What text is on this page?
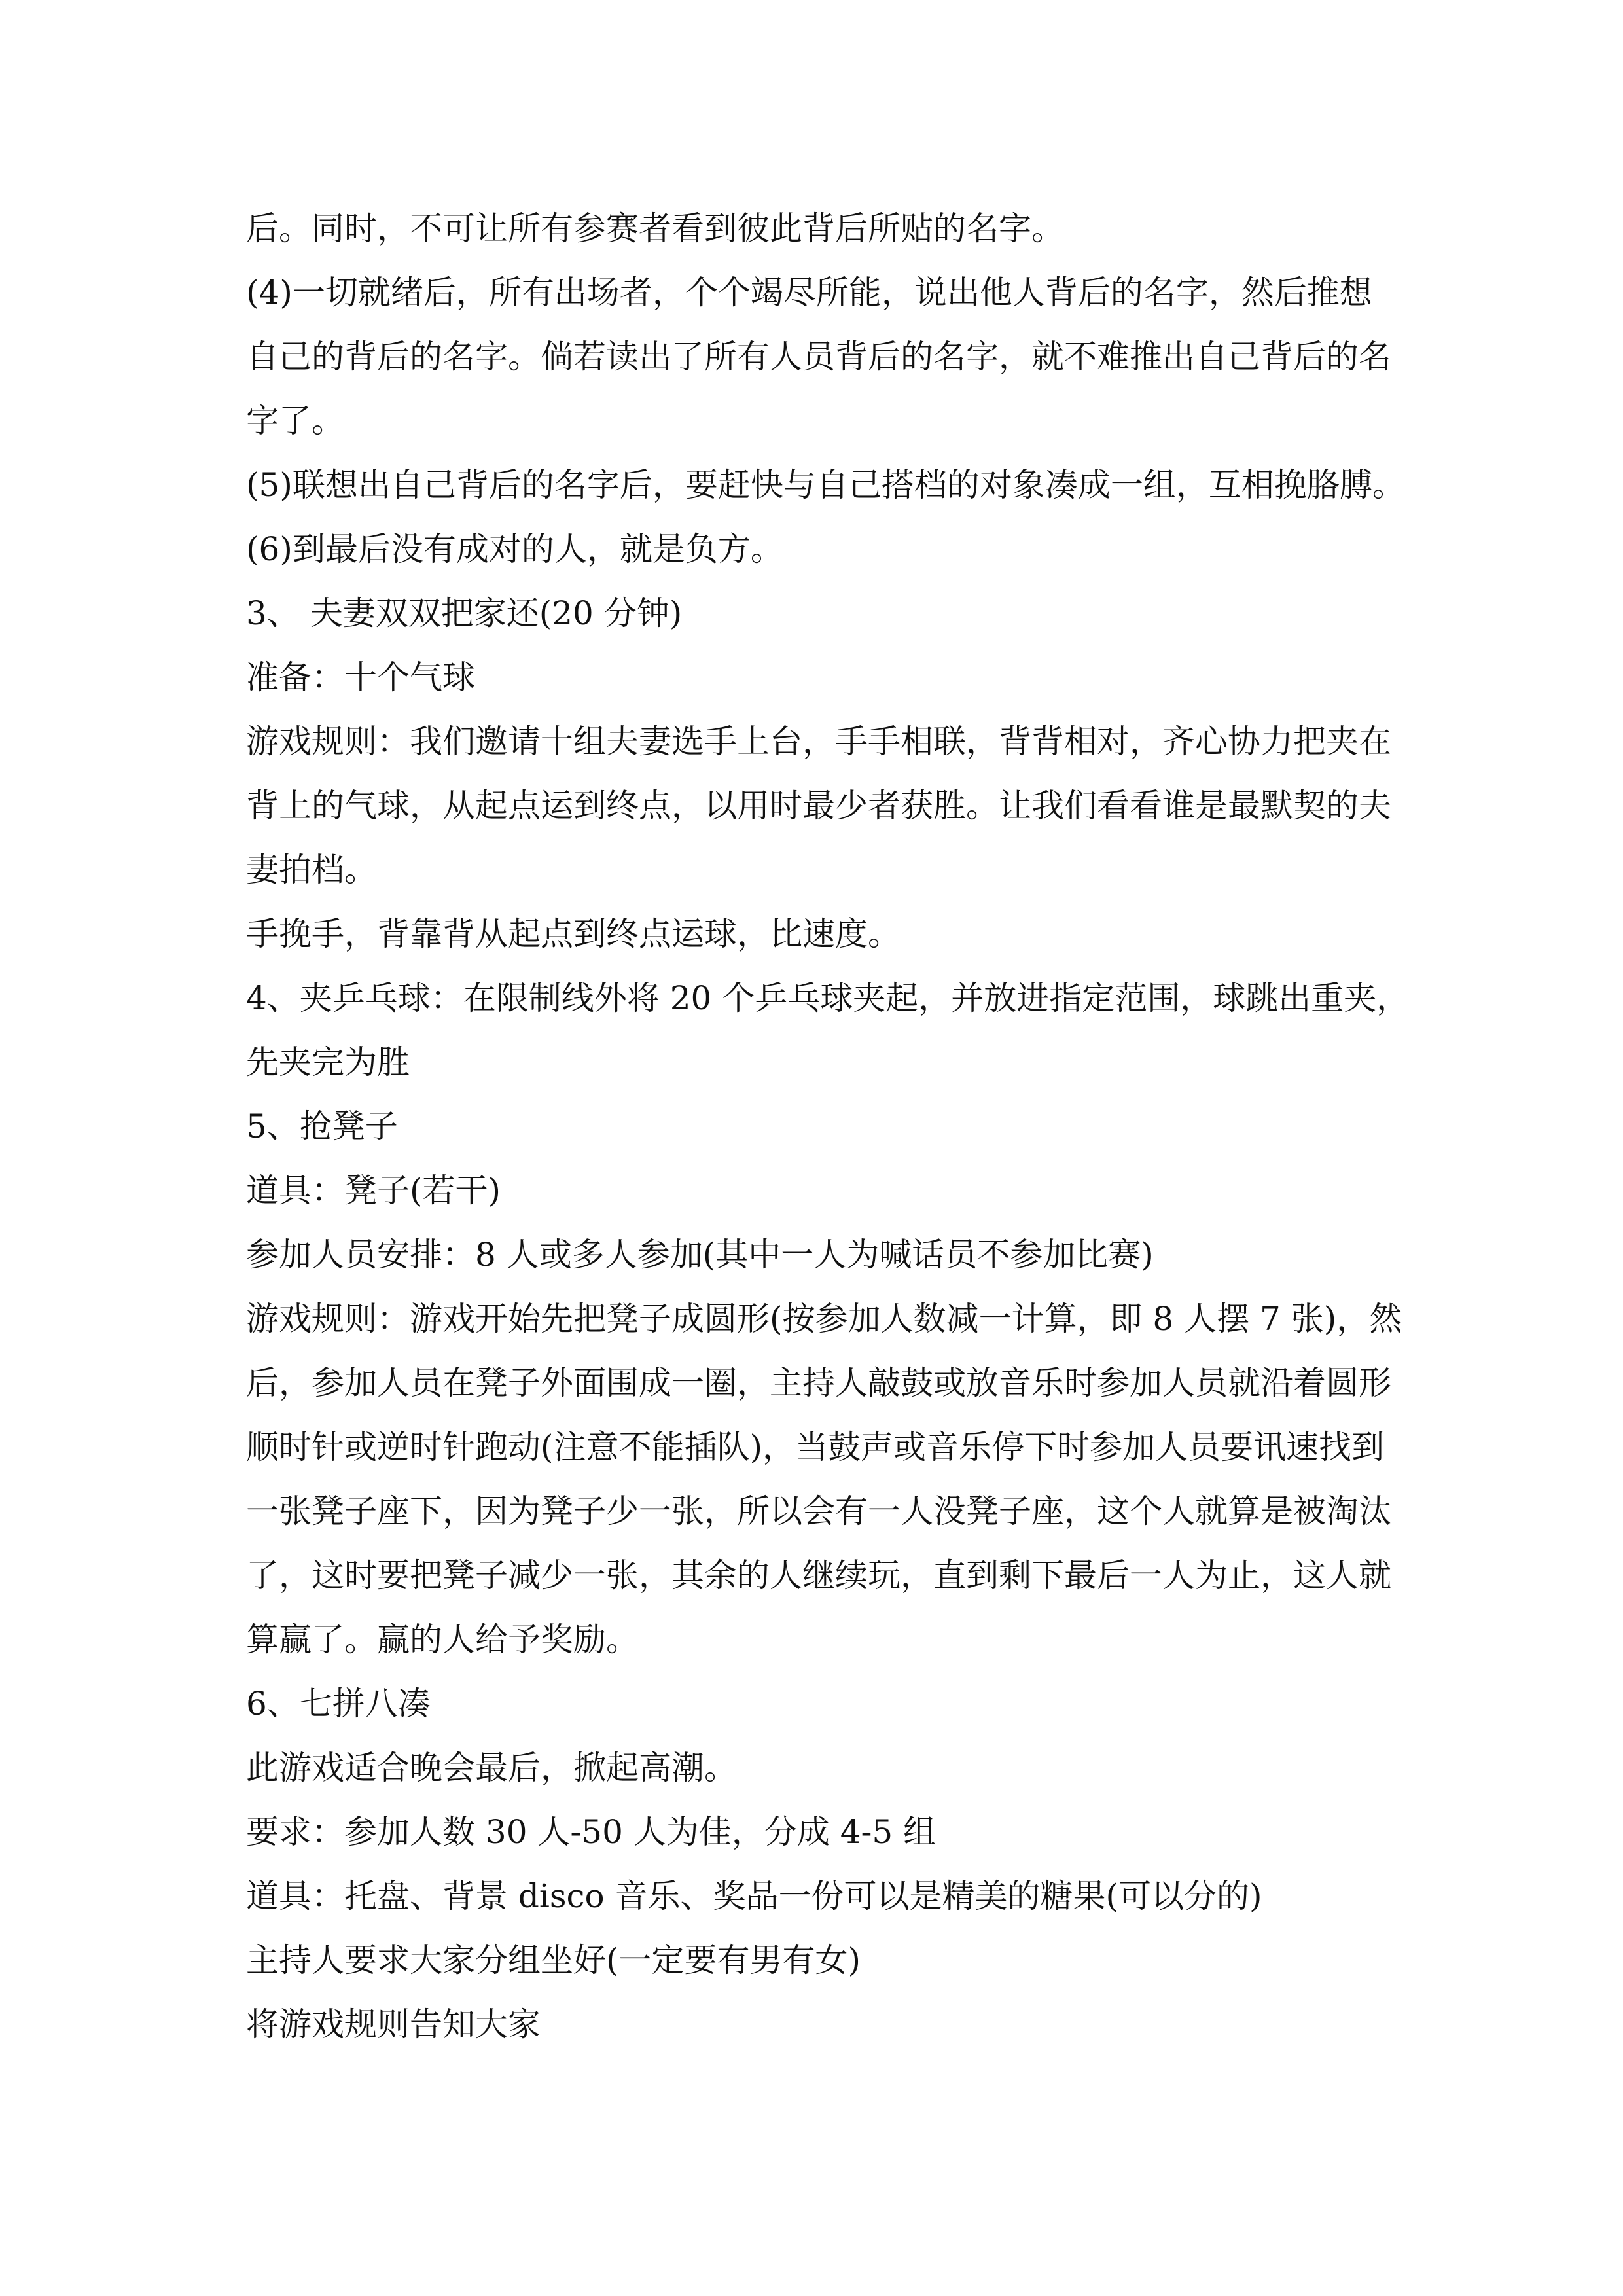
后。同时，不可让所有参赛者看到彼此背后所贴的名字。
(4)一切就绪后，所有出场者，个个竭尽所能，说出他人背后的名字，然后推想
自己的背后的名字。倘若读出了所有人员背后的名字，就不难推出自己背后的名
字了。
(5)联想出自己背后的名字后，要赶快与自己搭档的对象凑成一组，互相挽胳膊。
(6)到最后没有成对的人，就是负方。
3、 夫妻双双把家还(20 分钟)
准备：十个气球
游戏规则：我们邀请十组夫妻选手上台，手手相联，背背相对，齐心协力把夹在
背上的气球，从起点运到终点，以用时最少者获胜。让我们看看谁是最默契的夫
妻拍档。
手挽手，背靠背从起点到终点运球，比速度。
4、夹乒乓球：在限制线外将 20 个乒乓球夹起，并放进指定范围，球跳出重夹，
先夹完为胜
5、抢凳子
道具：凳子(若干)
参加人员安排：8 人或多人参加(其中一人为喊话员不参加比赛)
游戏规则：游戏开始先把凳子成圆形(按参加人数减一计算，即 8 人摆 7 张)，然
后，参加人员在凳子外面围成一圈，主持人敲鼓或放音乐时参加人员就沿着圆形
顺时针或逆时针跑动(注意不能插队)，当鼓声或音乐停下时参加人员要讯速找到
一张凳子座下，因为凳子少一张，所以会有一人没凳子座，这个人就算是被淘汰
了，这时要把凳子减少一张，其余的人继续玩，直到剩下最后一人为止，这人就
算赢了。赢的人给予奖励。
6、七拼八凑
此游戏适合晚会最后，掀起高潮。
要求：参加人数 30 人-50 人为佳，分成 4-5 组
道具：托盘、背景 disco 音乐、奖品一份可以是精美的糖果(可以分的)
主持人要求大家分组坐好(一定要有男有女)
将游戏规则告知大家
